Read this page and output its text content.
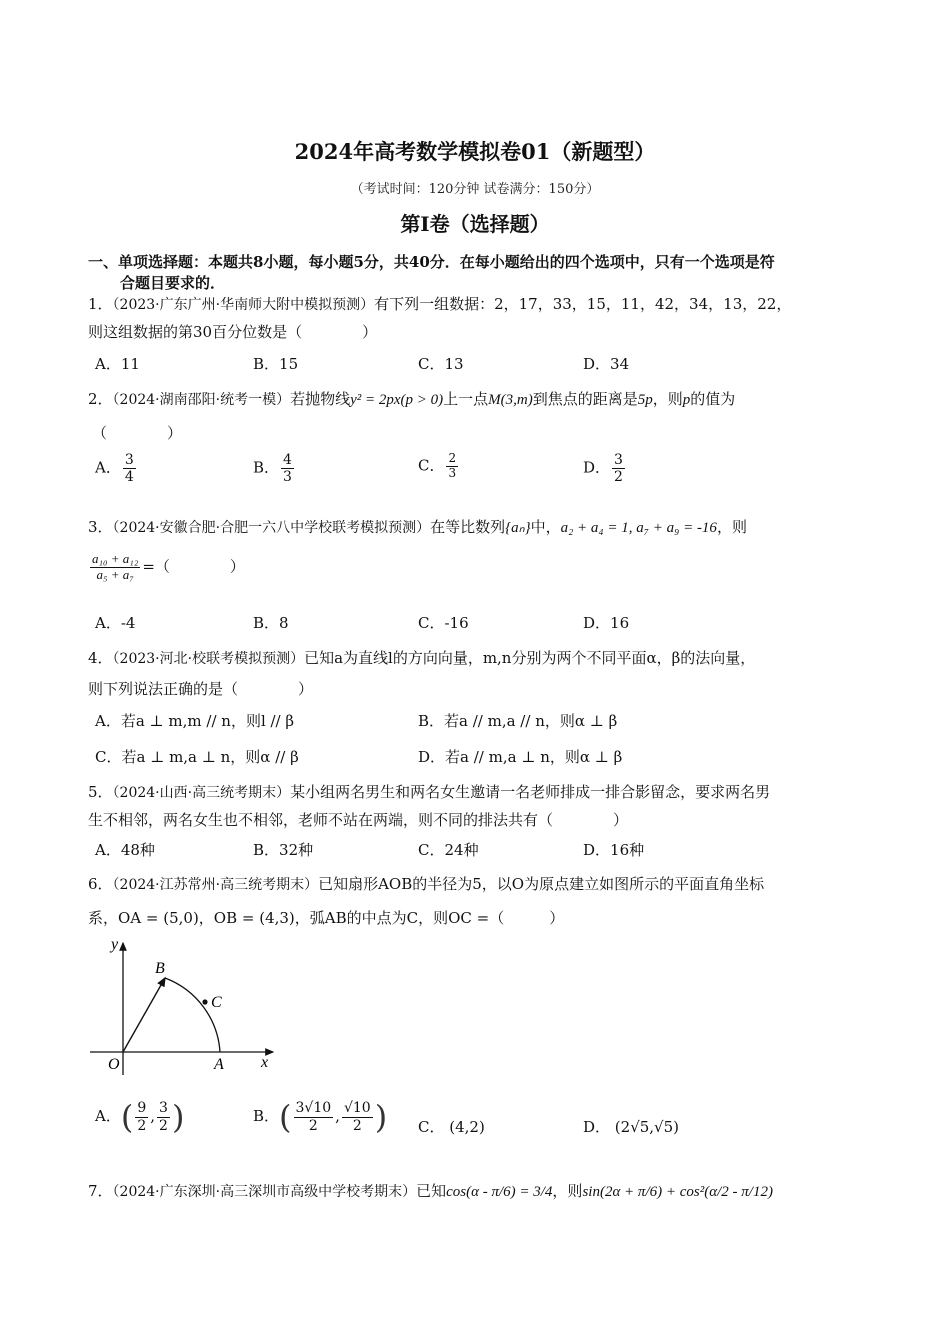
2024年高考数学模拟卷01（新题型）
（考试时间：120分钟 试卷满分：150分）
第I卷（选择题）
一、单项选择题：本题共8小题，每小题5分，共40分．在每小题给出的四个选项中，只有一个选项是符
合题目要求的．
1．（2023·广东广州·华南师大附中模拟预测）有下列一组数据：2，17，33，15，11，42，34，13，22，
则这组数据的第30百分位数是（　　　　）
A．11	B．15	C．13	D．34
2．（2024·湖南邵阳·统考一模）若抛物线y² = 2px(p > 0)上一点M(3,m)到焦点的距离是5p，则p的值为
（　　　　）
A． $\frac{3}{4}$	B． $\frac{4}{3}$	C． $\frac{2}{3}$	D． $\frac{3}{2}$
3．（2024·安徽合肥·合肥一六八中学校联考模拟预测）在等比数列{aₙ}中，a₂ + a₄ = 1, a₇ + a₉ = -16，则
$\frac{\text{a₁₀ + a₁₂}}{\text{a₅ + a₇}}$ =（　　　　）
A．-4	B．8	C．-16	D．16
4．（2023·河北·校联考模拟预测）已知a为直线l的方向向量，m,n分别为两个不同平面α，β的法向量，
则下列说法正确的是（　　　　）
A．若a ⊥ m,m // n，则l // β	B．若a // m,a // n，则α ⊥ β
C．若a ⊥ m,a ⊥ n，则α // β	D．若a // m,a ⊥ n，则α ⊥ β
5．（2024·山西·高三统考期末）某小组两名男生和两名女生邀请一名老师排成一排合影留念，要求两名男
生不相邻，两名女生也不相邻，老师不站在两端，则不同的排法共有（　　　　）
A．48种	B．32种	C．24种	D．16种
6．（2024·江苏常州·高三统考期末）已知扇形AOB的半径为5，以O为原点建立如图所示的平面直角坐标
系，OA = (5,0)，OB = (4,3)，弧AB的中点为C，则OC =（　　　）
y
x
O	A
B
C
A．( $\frac{9}{2}$ , $\frac{3}{2}$ )	B．( $\frac{3√10}{2}$ , $\frac{√10}{2}$ ) C． (4,2)	D． (2√5,√5)
7．（2024·广东深圳·高三深圳市高级中学校考期末）已知cos(α - π/6) = 3/4，则sin(2α + π/6) + cos²(α/2 - π/12)
